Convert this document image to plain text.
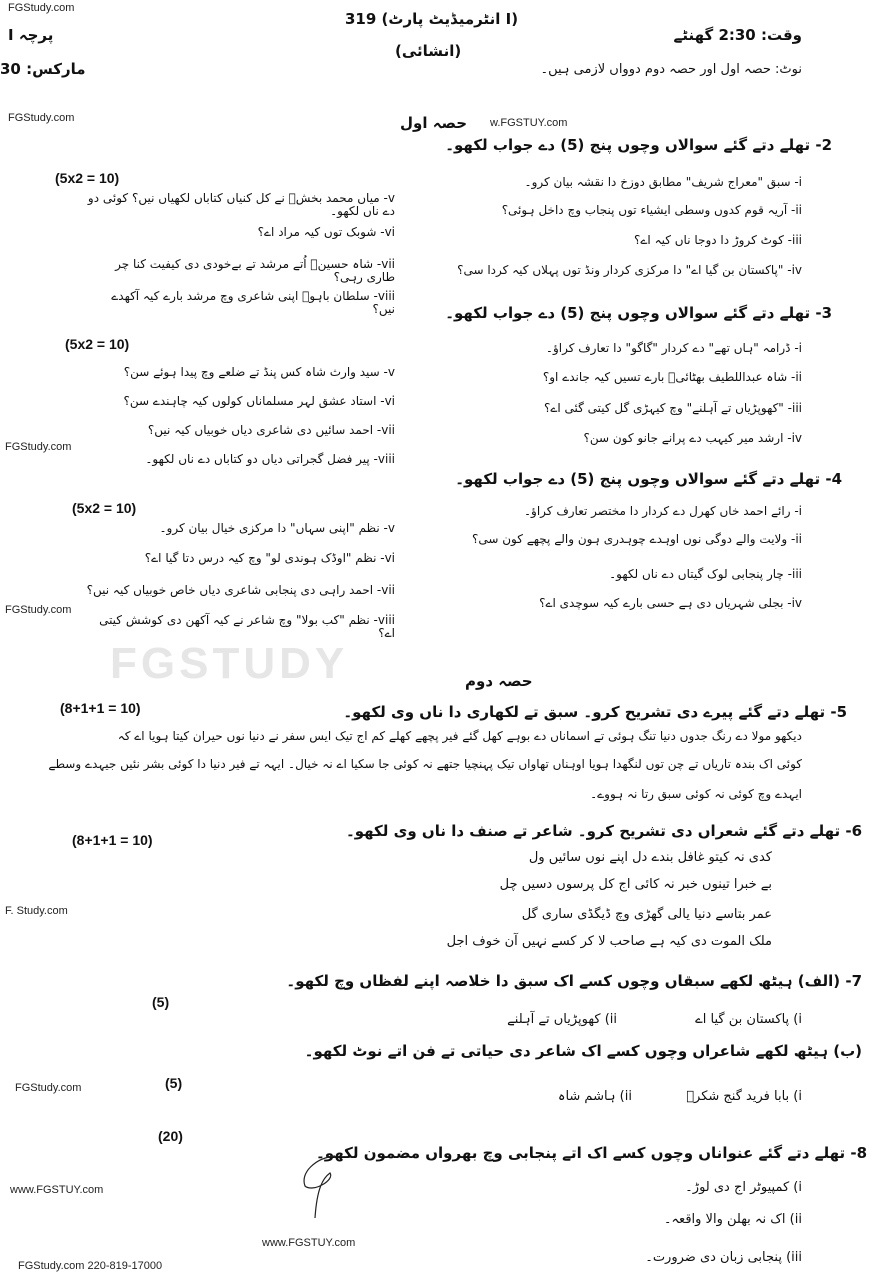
FGSTUDY
FGStudy.com
319 (انٹرمیڈیٹ پارٹ I)
(انشائی)
پرچہ I
مارکس: 30
وقت: 2:30 گھنٹے
نوٹ: حصہ اول اور حصہ دوم دوواں لازمی ہیں۔
FGStudy.com	حصہ اول w.FGSTUY.com
2- تھلے دتے گئے سوالاں وچوں پنج (5) دے جواب لکھو۔
(5x2 = 10)	i- سبق "معراج شریف" مطابق دوزخ دا نقشہ بیان کرو۔
ii- آریہ قوم کدوں وسطی ایشیاء توں پنجاب وچ داخل ہوئی؟
iii- کوٹ کروڑ دا دوجا ناں کیہ اے؟
iv- "پاکستان بن گیا اے" دا مرکزی کردار ونڈ توں پہلاں کیہ کردا سی؟
v- میاں محمد بخشؒ نے کل کنیاں کتاباں لکھیاں نیں؟ کوئی دو دے ناں لکھو۔
vi- شوبک توں کیہ مراد اے؟
vii- شاہ حسینؒ اُتے مرشد تے بےخودی دی کیفیت کنا چر طاری رہی؟
viii- سلطان باہوؒ اپنی شاعری وچ مرشد بارے کیہ آکھدے نیں؟	3- تھلے دتے گئے سوالاں وچوں پنج (5) دے جواب لکھو۔
(5x2 = 10)	i- ڈرامہ "ہاں تھے" دے کردار "گاگو" دا تعارف کراؤ۔
ii- شاہ عبداللطیف بھٹائیؒ بارے تسیں کیہ جاندے او؟
iii- "کھوپڑیاں تے آہلنے" وچ کیہڑی گل کیتی گئی اے؟
iv- ارشد میر کیہب دے پرانے جانو کون سن؟
v- سید وارث شاہ کس پنڈ تے ضلعے وچ پیدا ہوئے سن؟
vi- استاد عشق لہر مسلماناں کولوں کیہ چاہندے سن؟
vii- احمد سائیں دی شاعری دیاں خوبیاں کیہ نیں؟
viii- پیر فضل گجراتی دیاں دو کتاباں دے ناں لکھو۔
FGStudy.com
4- تھلے دتے گئے سوالاں وچوں پنج (5) دے جواب لکھو۔
(5x2 = 10)	i- رائے احمد خاں کھرل دے کردار دا مختصر تعارف کراؤ۔
ii- ولایت والے دوگی نوں اوہدے چوہدری ہون والے پچھے کون سی؟
iii- چار پنجابی لوک گیتاں دے ناں لکھو۔
iv- بجلی شہریاں دی ہے حسی بارے کیہ سوچدی اے؟
v- نظم "اپنی سہاں" دا مرکزی خیال بیان کرو۔
vi- نظم "اوڈک ہوندی لو" وچ کیہ درس دتا گیا اے؟
vii- احمد راہی دی پنجابی شاعری دیاں خاص خوبیاں کیہ نیں؟
viii- نظم "کب بولا" وچ شاعر نے کیہ آکھن دی کوشش کیتی اے؟
FGStudy.com
حصہ دوم
5- تھلے دتے گئے پیرے دی تشریح کرو۔ سبق تے لکھاری دا ناں وی لکھو۔
(8+1+1 = 10)
دیکھو مولا دے رنگ جدوں دنیا تنگ ہوئی تے اسماناں دے بوہے کھل گئے فیر پچھے کھلے کم اج تیک ایس سفر نے دنیا نوں حیران کیتا ہویا اے کہ
کوئی اک بندہ تاریاں تے چن توں لنگھدا ہویا اوہناں تھاواں تیک پہنچیا جتھے نہ کوئی جا سکیا اے نہ خیال۔ ایہہ تے فیر دنیا دا کوئی بشر نئیں جیہدے وسطے
ایہدے وچ کوئی نہ کوئی سبق رتا نہ ہووے۔
6- تھلے دتے گئے شعراں دی تشریح کرو۔ شاعر تے صنف دا ناں وی لکھو۔
(8+1+1 = 10)
کدی نہ کیتو غافل بندے دل اپنے نوں سائیں ول
بے خبرا تینوں خبر نہ کائی اج کل پرسوں دسیں چل
عمر بتاسے دنیا یالی گھڑی وچ ڈیگڈی ساری گل
ملک الموت دی کیہ ہے صاحب لا کر کسے نہیں آن خوف اجل
F. Study.com
7- (الف) ہیٹھ لکھے سبقاں وچوں کسے اک سبق دا خلاصہ اپنے لفظاں وچ لکھو۔
(5)
i) پاکستان بن گیا اے
ii) کھوپڑیاں تے آہلنے
(ب) ہیٹھ لکھے شاعراں وچوں کسے اک شاعر دی حیاتی تے فن اتے نوٹ لکھو۔
(5)
FGStudy.com
i) بابا فرید گنج شکرؒ
ii) ہاشم شاہ
8- تھلے دتے گئے عنواناں وچوں کسے اک اتے پنجابی وچ بھرواں مضمون لکھو۔
(20)
www.FGSTUY.com	i) کمپیوٹر اج دی لوڑ۔
ii) اک نہ بھلن والا واقعہ۔
iii) پنجابی زبان دی ضرورت۔
www.FGSTUY.com
FGStudy.com 220-819-17000
